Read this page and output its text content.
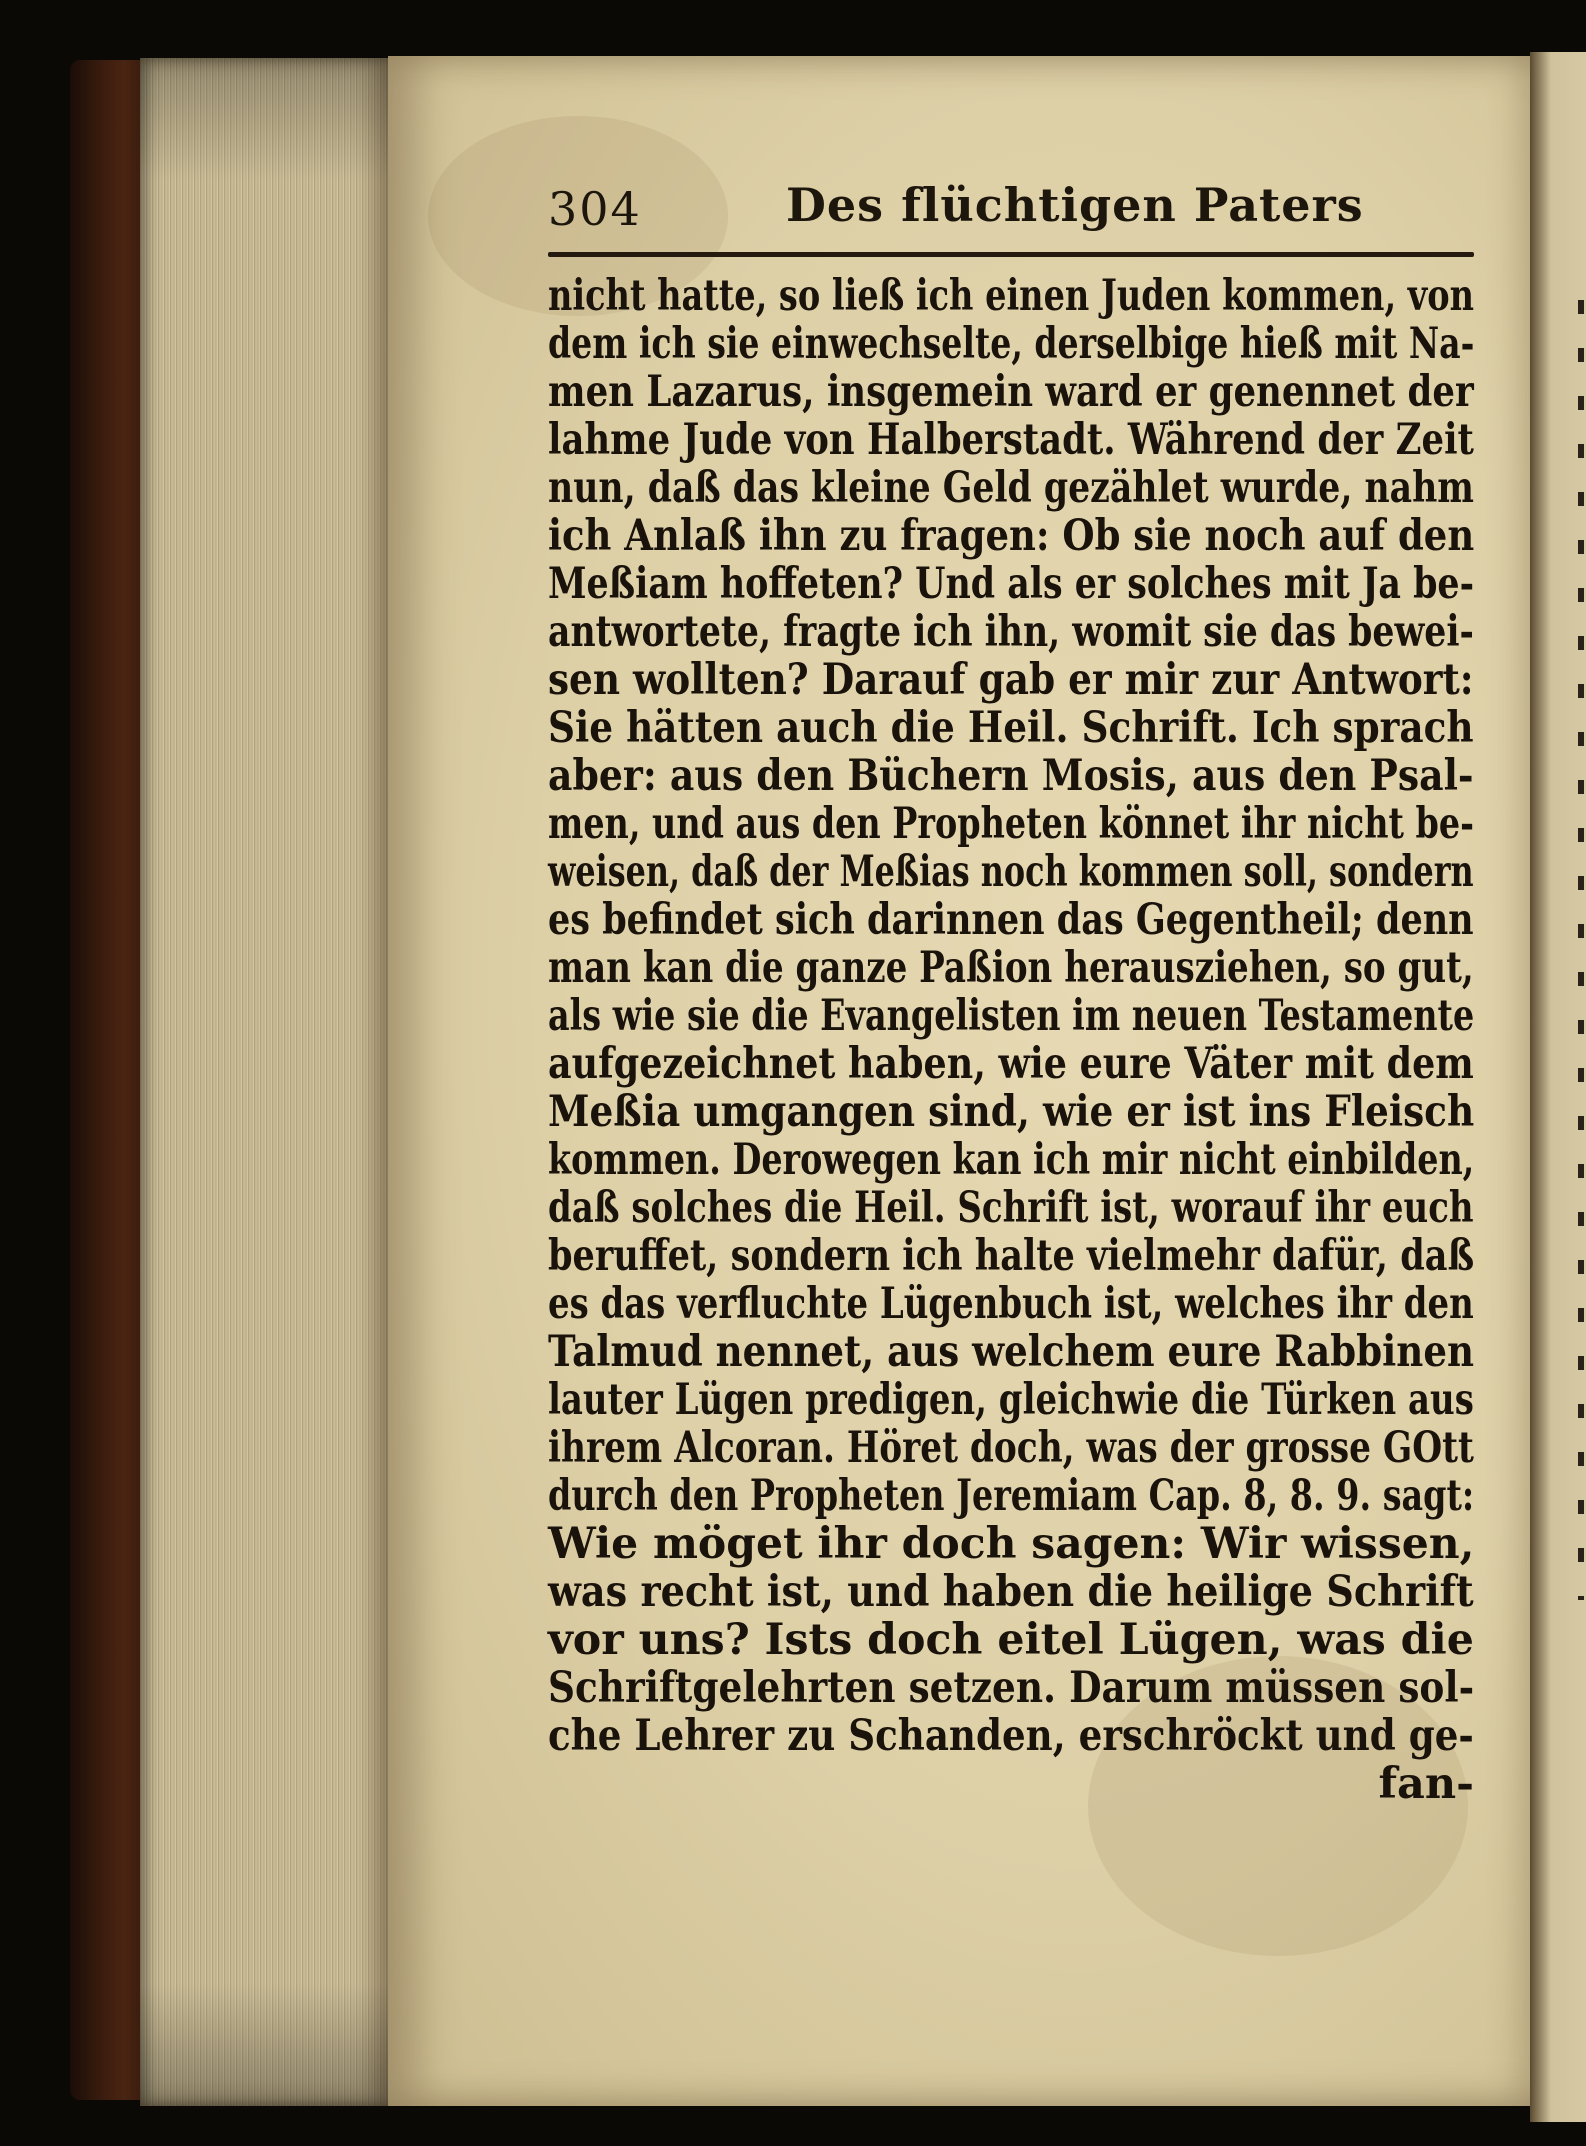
304	Des flüchtigen Paters
nicht hatte, so ließ ich einen Juden kommen, von
dem ich sie einwechselte, derselbige hieß mit Na-
men Lazarus, insgemein ward er genennet der
lahme Jude von Halberstadt. Während der Zeit
nun, daß das kleine Geld gezählet wurde, nahm
ich Anlaß ihn zu fragen: Ob sie noch auf den
Meßiam hoffeten? Und als er solches mit Ja be-
antwortete, fragte ich ihn, womit sie das bewei-
sen wollten? Darauf gab er mir zur Antwort:
Sie hätten auch die Heil. Schrift. Ich sprach
aber: aus den Büchern Mosis, aus den Psal-
men, und aus den Propheten könnet ihr nicht be-
weisen, daß der Meßias noch kommen soll, sondern
es befindet sich darinnen das Gegentheil; denn
man kan die ganze Paßion herausziehen, so gut,
als wie sie die Evangelisten im neuen Testamente
aufgezeichnet haben, wie eure Väter mit dem
Meßia umgangen sind, wie er ist ins Fleisch
kommen. Derowegen kan ich mir nicht einbilden,
daß solches die Heil. Schrift ist, worauf ihr euch
beruffet, sondern ich halte vielmehr dafür, daß
es das verfluchte Lügenbuch ist, welches ihr den
Talmud nennet, aus welchem eure Rabbinen
lauter Lügen predigen, gleichwie die Türken aus
ihrem Alcoran. Höret doch, was der grosse GOtt
durch den Propheten Jeremiam Cap. 8, 8. 9. sagt:
Wie möget ihr doch sagen: Wir wissen,
was recht ist, und haben die heilige Schrift
vor uns? Ists doch eitel Lügen, was die
Schriftgelehrten setzen. Darum müssen sol-
che Lehrer zu Schanden, erschröckt und ge-
fan-
